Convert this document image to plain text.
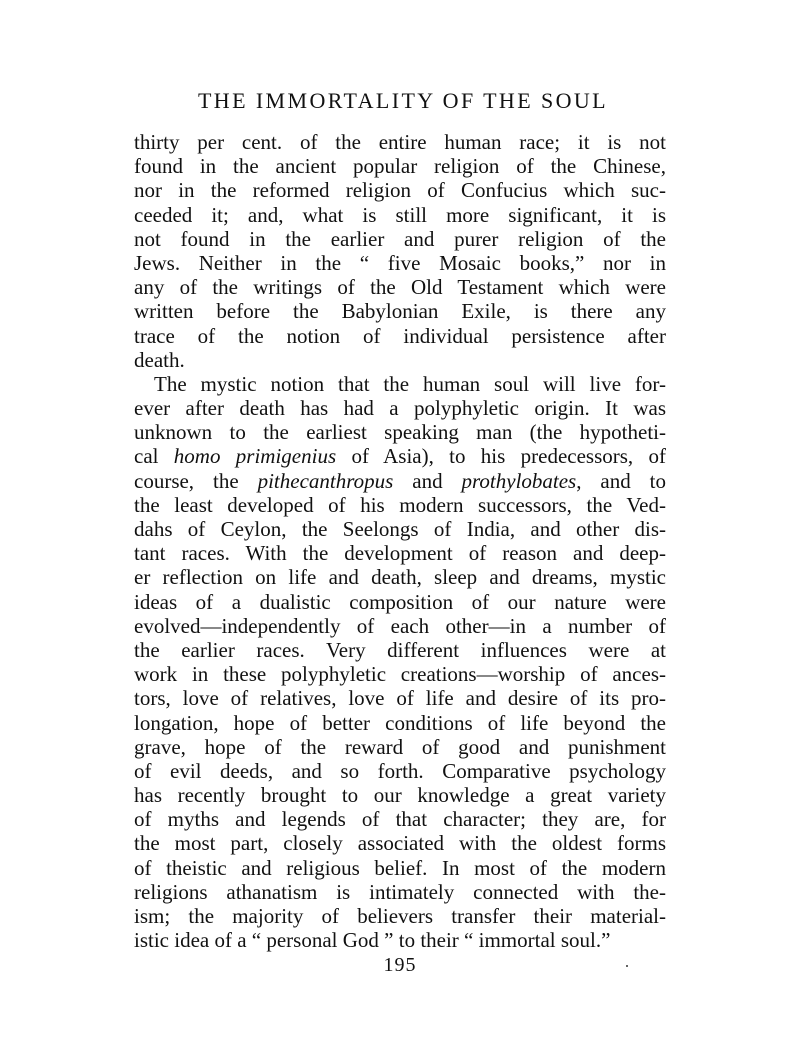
THE IMMORTALITY OF THE SOUL
thirty per cent. of the entire human race; it is not
found in the ancient popular religion of the Chinese,
nor in the reformed religion of Confucius which suc-
ceeded it; and, what is still more significant, it is
not found in the earlier and purer religion of the
Jews. Neither in the “ five Mosaic books,” nor in
any of the writings of the Old Testament which were
written before the Babylonian Exile, is there any
trace of the notion of individual persistence after
death.
The mystic notion that the human soul will live for-
ever after death has had a polyphyletic origin. It was
unknown to the earliest speaking man (the hypotheti-
cal homo primigenius of Asia), to his predecessors, of
course, the pithecanthropus and prothylobates, and to
the least developed of his modern successors, the Ved-
dahs of Ceylon, the Seelongs of India, and other dis-
tant races. With the development of reason and deep-
er reflection on life and death, sleep and dreams, mystic
ideas of a dualistic composition of our nature were
evolved—independently of each other—in a number of
the earlier races. Very different influences were at
work in these polyphyletic creations—worship of ances-
tors, love of relatives, love of life and desire of its pro-
longation, hope of better conditions of life beyond the
grave, hope of the reward of good and punishment
of evil deeds, and so forth. Comparative psychology
has recently brought to our knowledge a great variety
of myths and legends of that character; they are, for
the most part, closely associated with the oldest forms
of theistic and religious belief. In most of the modern
religions athanatism is intimately connected with the-
ism; the majority of believers transfer their material-
istic idea of a “ personal God ” to their “ immortal soul.”
195
